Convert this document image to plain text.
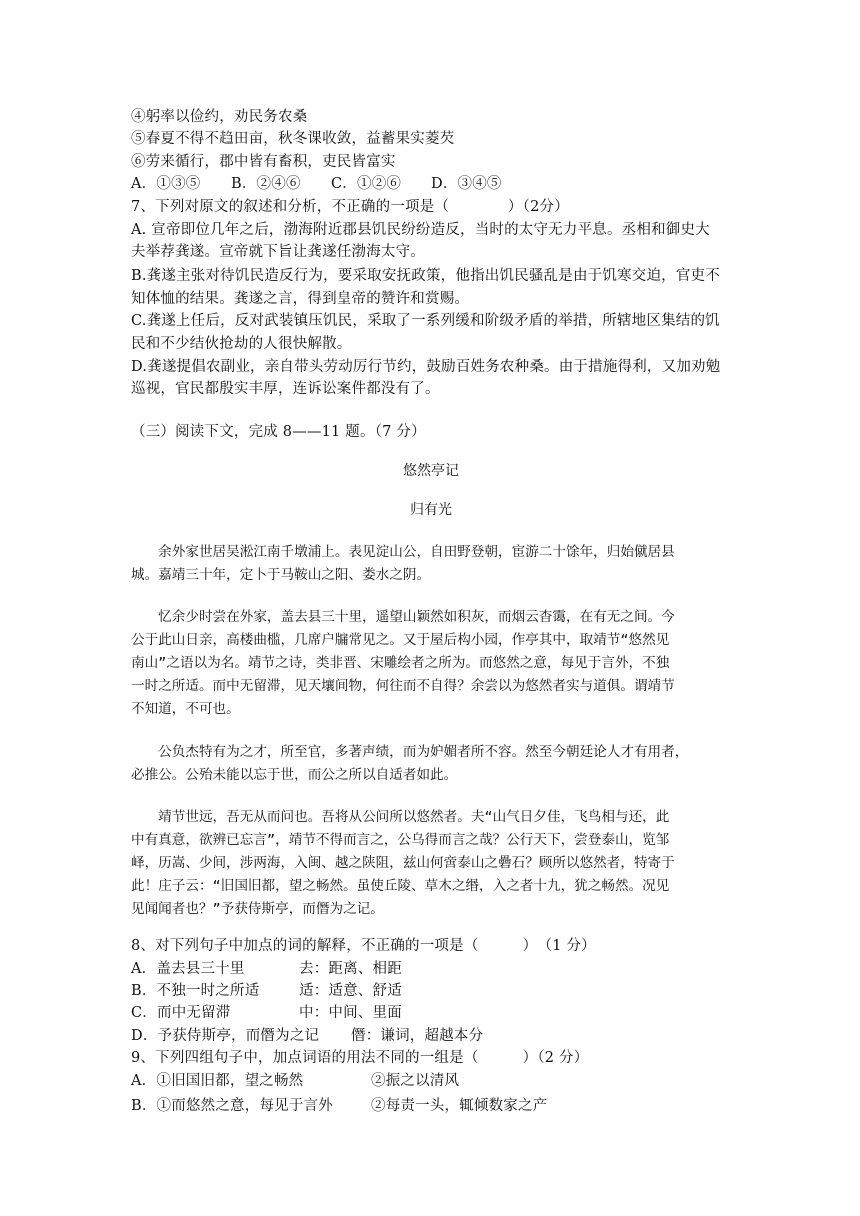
④躬率以俭约，劝民务农桑
⑤春夏不得不趋田亩，秋冬课收敛，益蓄果实菱芡
⑥劳来循行，郡中皆有畜积，吏民皆富实
A．①③⑤ B．②④⑥ C．①②⑥ D．③④⑤
7、下列对原文的叙述和分析，不正确的一项是（　　　　）（2分）
A. 宣帝即位几年之后，渤海附近郡县饥民纷纷造反，当时的太守无力平息。丞相和御史大
夫举荐龚遂。宣帝就下旨让龚遂任渤海太守。
B.龚遂主张对待饥民造反行为，要采取安抚政策，他指出饥民骚乱是由于饥寒交迫，官吏不
知体恤的结果。龚遂之言，得到皇帝的赞许和赏赐。
C.龚遂上任后，反对武装镇压饥民，采取了一系列缓和阶级矛盾的举措，所辖地区集结的饥
民和不少结伙抢劫的人很快解散。
D.龚遂提倡农副业，亲自带头劳动厉行节约，鼓励百姓务农种桑。由于措施得利，又加劝勉
巡视，官民都殷实丰厚，连诉讼案件都没有了。
（三）阅读下文，完成 8——11 题。（7 分）
悠然亭记
归有光
　　余外家世居吴淞江南千墩浦上。表见淀山公，自田野登朝，宦游二十馀年，归始僦居县
城。嘉靖三十年，定卜于马鞍山之阳、娄水之阴。
　　忆余少时尝在外家，盖去县三十里，遥望山颖然如积灰，而烟云杳霭，在有无之间。今
公于此山日亲，高楼曲槛，几席户牖常见之。又于屋后构小园，作亭其中，取靖节“悠然见
南山”之语以为名。靖节之诗，类非晋、宋雕绘者之所为。而悠然之意，每见于言外，不独
一时之所适。而中无留滞，见天壤间物，何往而不自得？余尝以为悠然者实与道俱。谓靖节
不知道，不可也。
　　公负杰特有为之才，所至官，多著声绩，而为妒媚者所不容。然至今朝廷论人才有用者，
必推公。公殆未能以忘于世，而公之所以自适者如此。
　　靖节世远，吾无从而问也。吾将从公问所以悠然者。夫“山气日夕佳，飞鸟相与还，此
中有真意，欲辨已忘言”，靖节不得而言之，公乌得而言之哉？公行天下，尝登泰山，览邹
峄，历嵩、少间，涉两海，入闽、越之陕阻，兹山何啻泰山之礨石？顾所以悠然者，特寄于
此！庄子云：“旧国旧都，望之畅然。虽使丘陵、草木之缗，入之者十九，犹之畅然。况见
见闻闻者也？”予获侍斯亭，而僭为之记。
8、对下列句子中加点的词的解释，不正确的一项是（　　　）　（1 分）
A．盖去县三十里	去：距离、相距
B．不独一时之所适	适：适意、舒适
C．而中无留滞	中：中间、里面
D．予获侍斯亭，而僭为之记 僭：谦词，超越本分
9、下列四组句子中，加点词语的用法不同的一组是（　　　）（2 分）
A．①旧国旧都，望之畅然	②振之以清风
B．①而悠然之意，每见于言外	②每责一头，辄倾数家之产
